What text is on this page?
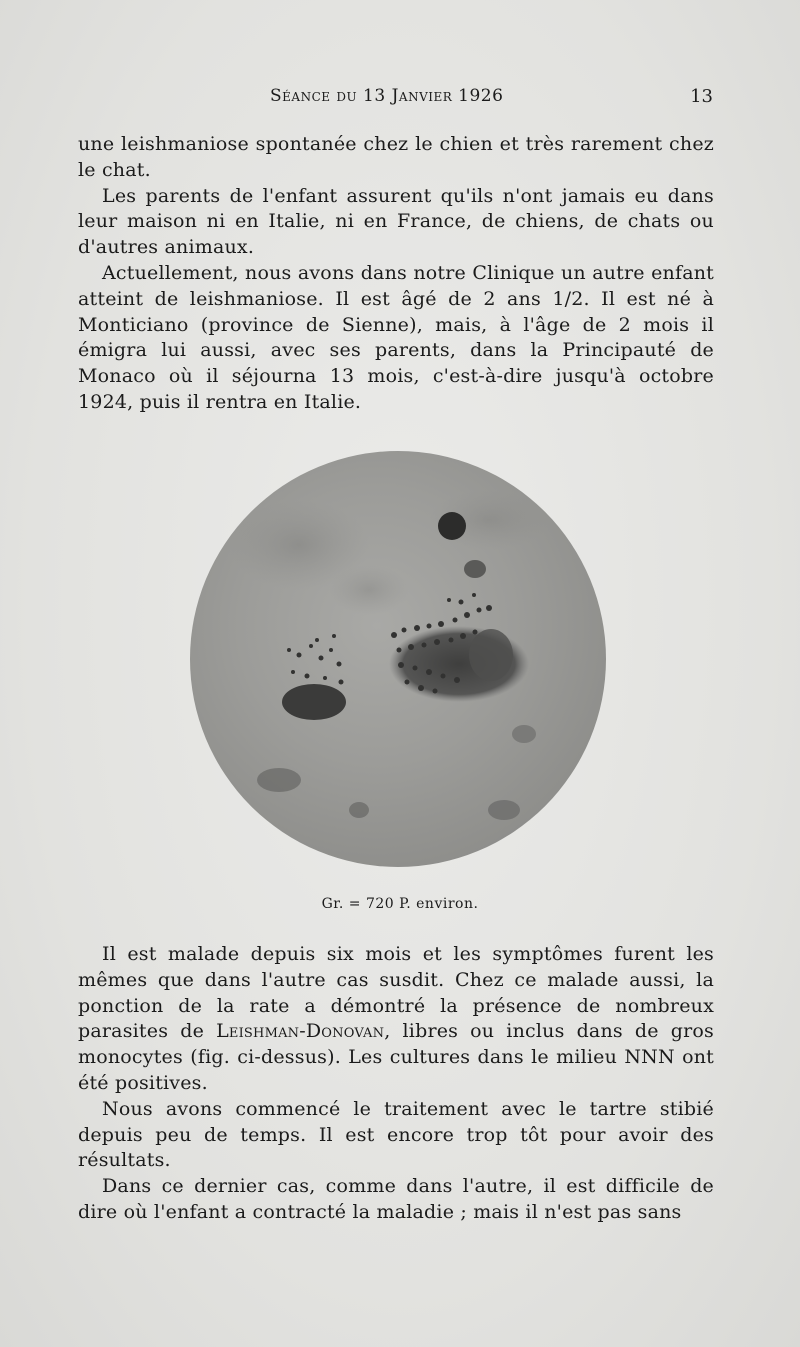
Séance du 13 Janvier 1926	13

une leishmaniose spontanée chez le chien et très rarement chez le chat.

Les parents de l'enfant assurent qu'ils n'ont jamais eu dans leur maison ni en Italie, ni en France, de chiens, de chats ou d'autres animaux.

Actuellement, nous avons dans notre Clinique un autre enfant atteint de leishmaniose. Il est âgé de 2 ans 1/2. Il est né à Monticiano (province de Sienne), mais, à l'âge de 2 mois il émigra lui aussi, avec ses parents, dans la Principauté de Monaco où il séjourna 13 mois, c'est-à-dire jusqu'à octobre 1924, puis il rentra en Italie.

Gr. = 720 P. environ.

Il est malade depuis six mois et les symptômes furent les mêmes que dans l'autre cas susdit. Chez ce malade aussi, la ponction de la rate a démontré la présence de nombreux parasites de Leishman-Donovan, libres ou inclus dans de gros monocytes (fig. ci-dessus). Les cultures dans le milieu NNN ont été positives.

Nous avons commencé le traitement avec le tartre stibié depuis peu de temps. Il est encore trop tôt pour avoir des résultats.

Dans ce dernier cas, comme dans l'autre, il est difficile de dire où l'enfant a contracté la maladie ; mais il n'est pas sans
